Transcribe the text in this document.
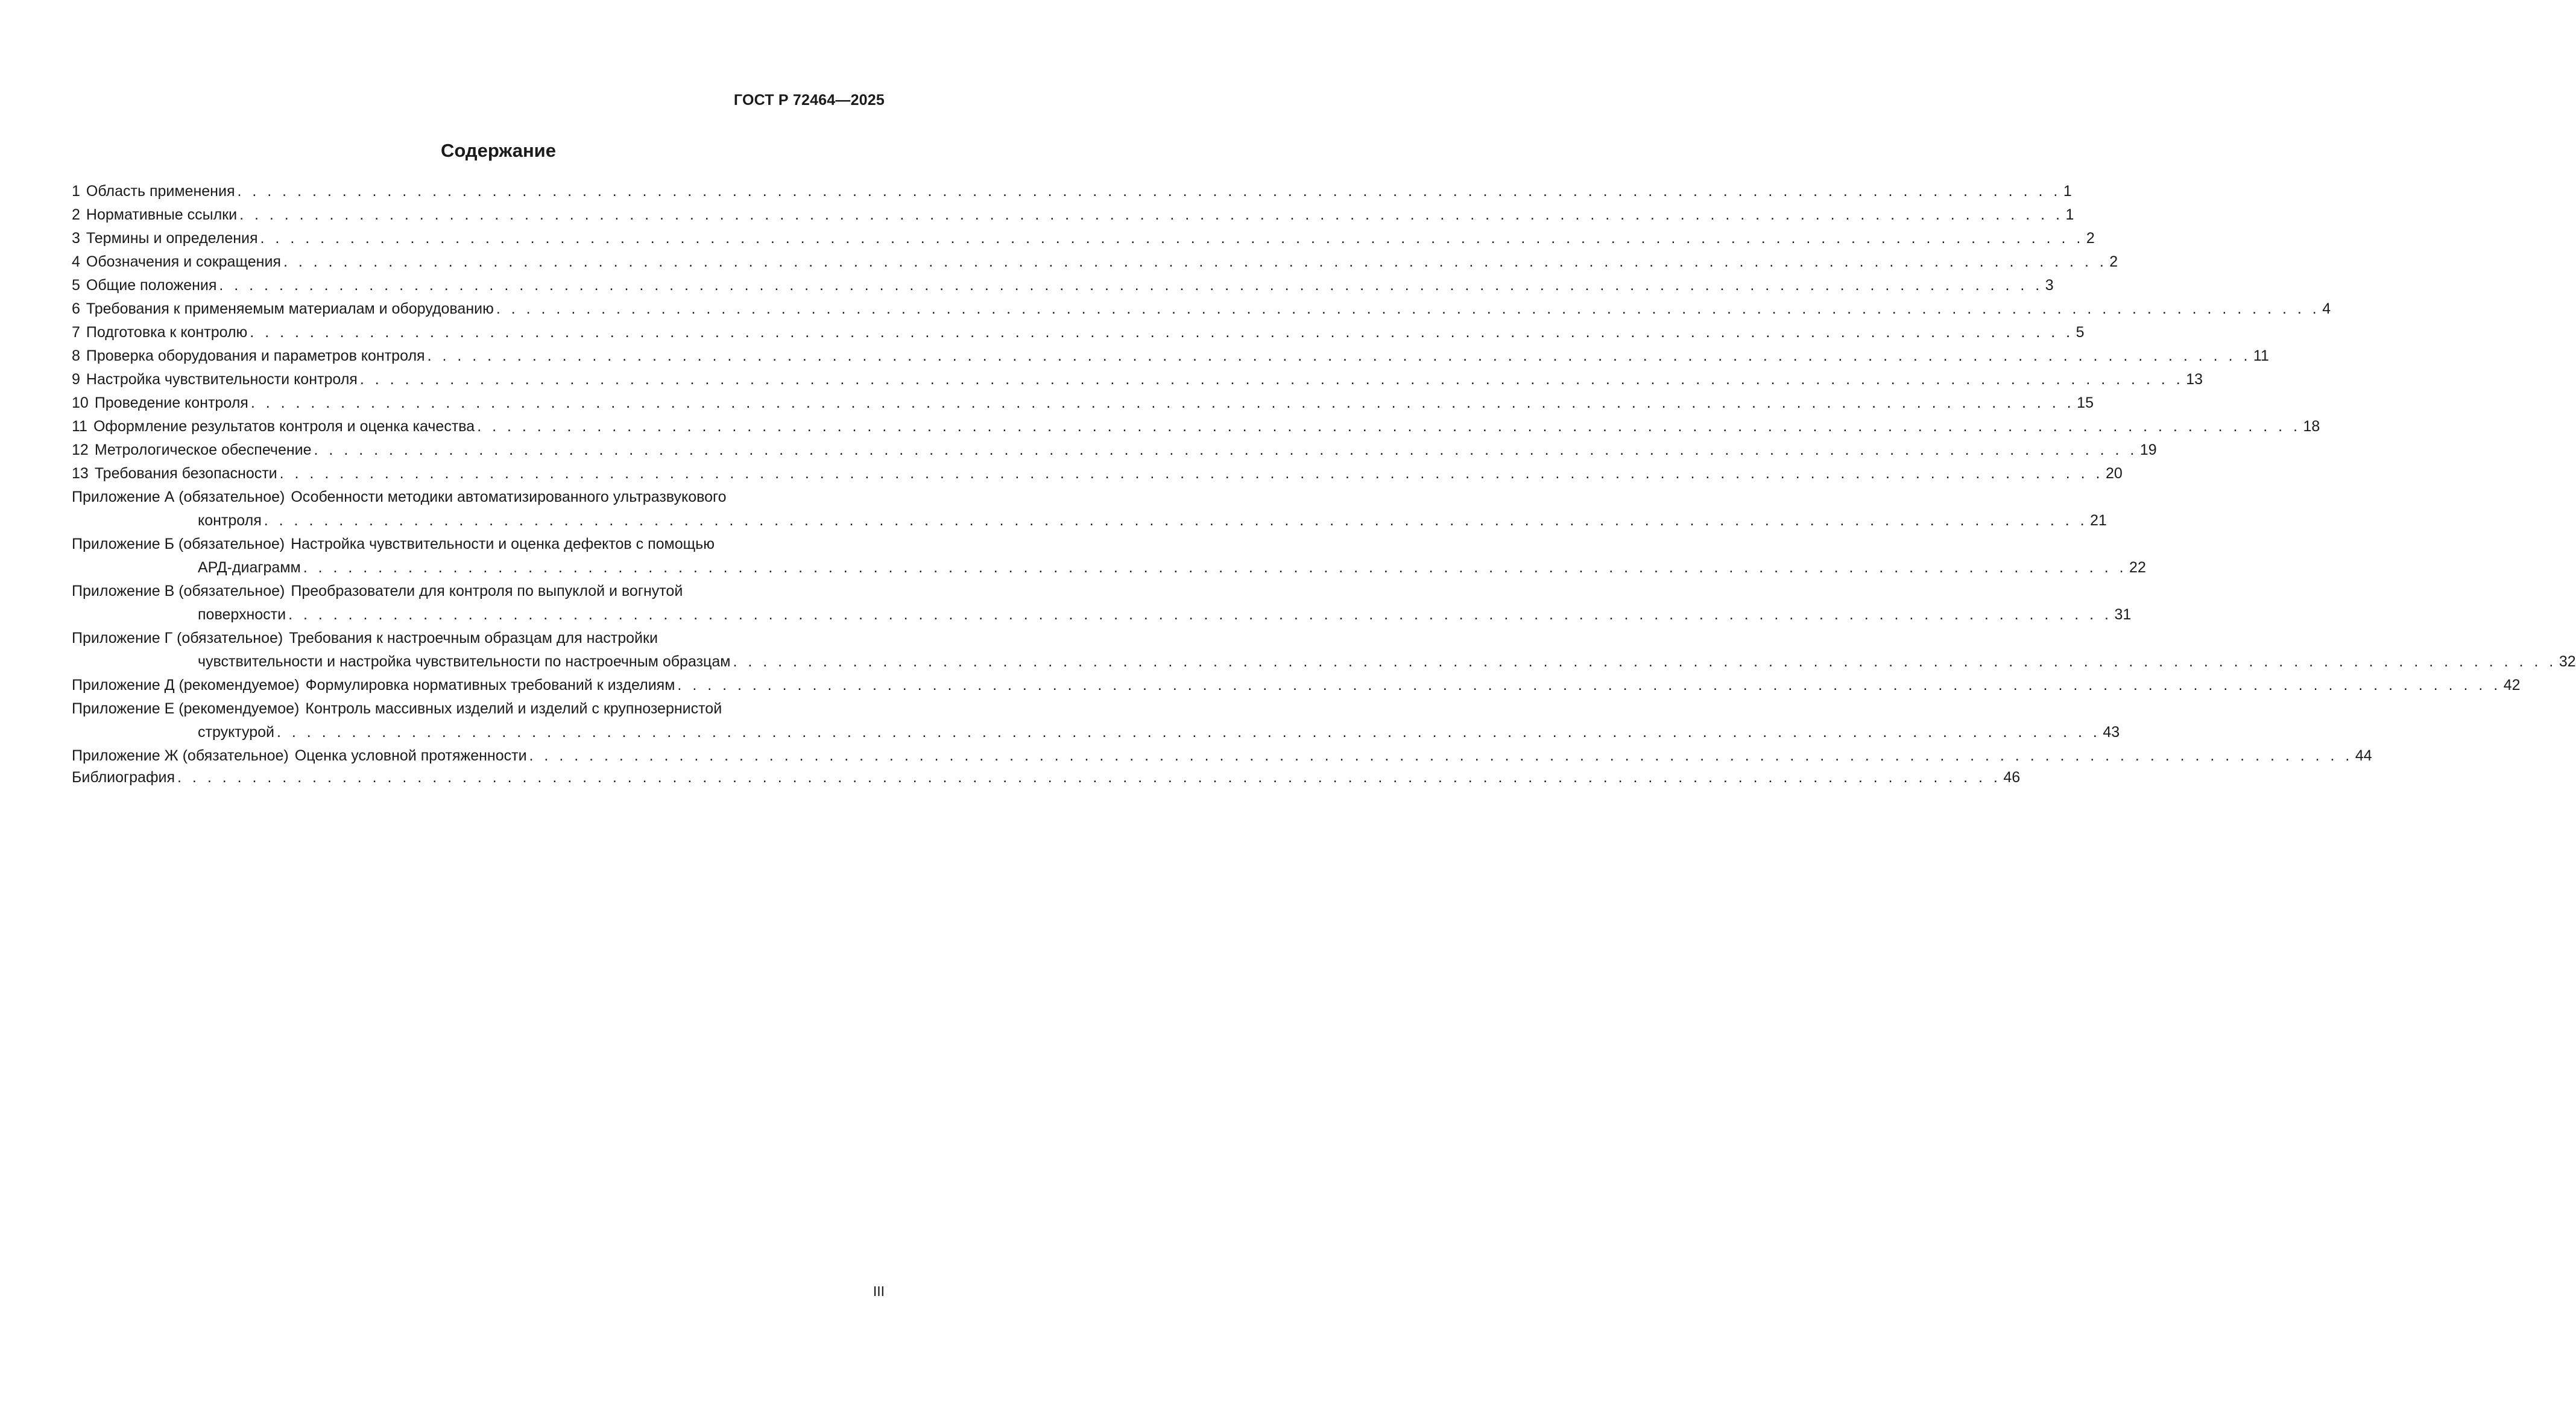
ГОСТ Р 72464—2025
Содержание
1 Область применения . . . . . . . . . . . . . . . . . . . . . . . . . . . . . . . . . . . . . . . . . . . . . . . . . . . . . . . . . . . . . . . . . . . . . . . . . . . . . . . . . . . . . . . . . . . . . . . . . . . . . . . . . . . . . . . . . . . . . . . . . . 1
2 Нормативные ссылки . . . . . . . . . . . . . . . . . . . . . . . . . . . . . . . . . . . . . . . . . . . . . . . . . . . . . . . . . . . . . . . . . . . . . . . . . . . . . . . . . . . . . . . . . . . . . . . . . . . . . . . . . . . . . . . . . . . . . . . . . . 1
3 Термины и определения . . . . . . . . . . . . . . . . . . . . . . . . . . . . . . . . . . . . . . . . . . . . . . . . . . . . . . . . . . . . . . . . . . . . . . . . . . . . . . . . . . . . . . . . . . . . . . . . . . . . . . . . . . . . . . . . . . . . . . . . . . 2
4 Обозначения и сокращения . . . . . . . . . . . . . . . . . . . . . . . . . . . . . . . . . . . . . . . . . . . . . . . . . . . . . . . . . . . . . . . . . . . . . . . . . . . . . . . . . . . . . . . . . . . . . . . . . . . . . . . . . . . . . . . . . . . . . . . . . . 2
5 Общие положения . . . . . . . . . . . . . . . . . . . . . . . . . . . . . . . . . . . . . . . . . . . . . . . . . . . . . . . . . . . . . . . . . . . . . . . . . . . . . . . . . . . . . . . . . . . . . . . . . . . . . . . . . . . . . . . . . . . . . . . . . . 3
6 Требования к применяемым материалам и оборудованию . . . . . . . . . . . . . . . . . . . . . . . . . . . . . . . . . . . . . . . . . . . . . . . . . . . . . . . . . . . . . . . . . . . . . . . . . . . . . . . . . . . . . . . . . . . . . . . . . . . . . . . . . . . . . . . . . . . . . . . . . . 4
7 Подготовка к контролю . . . . . . . . . . . . . . . . . . . . . . . . . . . . . . . . . . . . . . . . . . . . . . . . . . . . . . . . . . . . . . . . . . . . . . . . . . . . . . . . . . . . . . . . . . . . . . . . . . . . . . . . . . . . . . . . . . . . . . . . . . 5
8 Проверка оборудования и параметров контроля . . . . . . . . . . . . . . . . . . . . . . . . . . . . . . . . . . . . . . . . . . . . . . . . . . . . . . . . . . . . . . . . . . . . . . . . . . . . . . . . . . . . . . . . . . . . . . . . . . . . . . . . . . . . . . . . . . . . . . . . . . 11
9 Настройка чувствительности контроля . . . . . . . . . . . . . . . . . . . . . . . . . . . . . . . . . . . . . . . . . . . . . . . . . . . . . . . . . . . . . . . . . . . . . . . . . . . . . . . . . . . . . . . . . . . . . . . . . . . . . . . . . . . . . . . . . . . . . . . . . . 13
10 Проведение контроля . . . . . . . . . . . . . . . . . . . . . . . . . . . . . . . . . . . . . . . . . . . . . . . . . . . . . . . . . . . . . . . . . . . . . . . . . . . . . . . . . . . . . . . . . . . . . . . . . . . . . . . . . . . . . . . . . . . . . . . . . . 15
11 Оформление результатов контроля и оценка качества . . . . . . . . . . . . . . . . . . . . . . . . . . . . . . . . . . . . . . . . . . . . . . . . . . . . . . . . . . . . . . . . . . . . . . . . . . . . . . . . . . . . . . . . . . . . . . . . . . . . . . . . . . . . . . . . . . . . . . . . . . 18
12 Метрологическое обеспечение . . . . . . . . . . . . . . . . . . . . . . . . . . . . . . . . . . . . . . . . . . . . . . . . . . . . . . . . . . . . . . . . . . . . . . . . . . . . . . . . . . . . . . . . . . . . . . . . . . . . . . . . . . . . . . . . . . . . . . . . . . 19
13 Требования безопасности . . . . . . . . . . . . . . . . . . . . . . . . . . . . . . . . . . . . . . . . . . . . . . . . . . . . . . . . . . . . . . . . . . . . . . . . . . . . . . . . . . . . . . . . . . . . . . . . . . . . . . . . . . . . . . . . . . . . . . . . . . 20
Приложение А (обязательное) Особенности методики автоматизированного ультразвукового
контроля . . . . . . . . . . . . . . . . . . . . . . . . . . . . . . . . . . . . . . . . . . . . . . . . . . . . . . . . . . . . . . . . . . . . . . . . . . . . . . . . . . . . . . . . . . . . . . . . . . . . . . . . . . . . . . . . . . . . . . . . . . 21
Приложение Б (обязательное) Настройка чувствительности и оценка дефектов с помощью
АРД-диаграмм . . . . . . . . . . . . . . . . . . . . . . . . . . . . . . . . . . . . . . . . . . . . . . . . . . . . . . . . . . . . . . . . . . . . . . . . . . . . . . . . . . . . . . . . . . . . . . . . . . . . . . . . . . . . . . . . . . . . . . . . . . 22
Приложение В (обязательное) Преобразователи для контроля по выпуклой и вогнутой
поверхности . . . . . . . . . . . . . . . . . . . . . . . . . . . . . . . . . . . . . . . . . . . . . . . . . . . . . . . . . . . . . . . . . . . . . . . . . . . . . . . . . . . . . . . . . . . . . . . . . . . . . . . . . . . . . . . . . . . . . . . . . . 31
Приложение Г (обязательное) Требования к настроечным образцам для настройки
чувствительности и настройка чувствительности по настроечным образцам . . . . . . . . . . . . . . . . . . . . . . . . . . . . . . . . . . . . . . . . . . . . . . . . . . . . . . . . . . . . . . . . . . . . . . . . . . . . . . . . . . . . . . . . . . . . . . . . . . . . . . . . . . . . . . . . . . . . . . . . . . 32
Приложение Д (рекомендуемое) Формулировка нормативных требований к изделиям . . . . . . . . . . . . . . . . . . . . . . . . . . . . . . . . . . . . . . . . . . . . . . . . . . . . . . . . . . . . . . . . . . . . . . . . . . . . . . . . . . . . . . . . . . . . . . . . . . . . . . . . . . . . . . . . . . . . . . . . . . 42
Приложение Е (рекомендуемое) Контроль массивных изделий и изделий с крупнозернистой
структурой . . . . . . . . . . . . . . . . . . . . . . . . . . . . . . . . . . . . . . . . . . . . . . . . . . . . . . . . . . . . . . . . . . . . . . . . . . . . . . . . . . . . . . . . . . . . . . . . . . . . . . . . . . . . . . . . . . . . . . . . . . 43
Приложение Ж (обязательное) Оценка условной протяженности . . . . . . . . . . . . . . . . . . . . . . . . . . . . . . . . . . . . . . . . . . . . . . . . . . . . . . . . . . . . . . . . . . . . . . . . . . . . . . . . . . . . . . . . . . . . . . . . . . . . . . . . . . . . . . . . . . . . . . . . . . 44
Библиография . . . . . . . . . . . . . . . . . . . . . . . . . . . . . . . . . . . . . . . . . . . . . . . . . . . . . . . . . . . . . . . . . . . . . . . . . . . . . . . . . . . . . . . . . . . . . . . . . . . . . . . . . . . . . . . . . . . . . . . . . . 46
III
